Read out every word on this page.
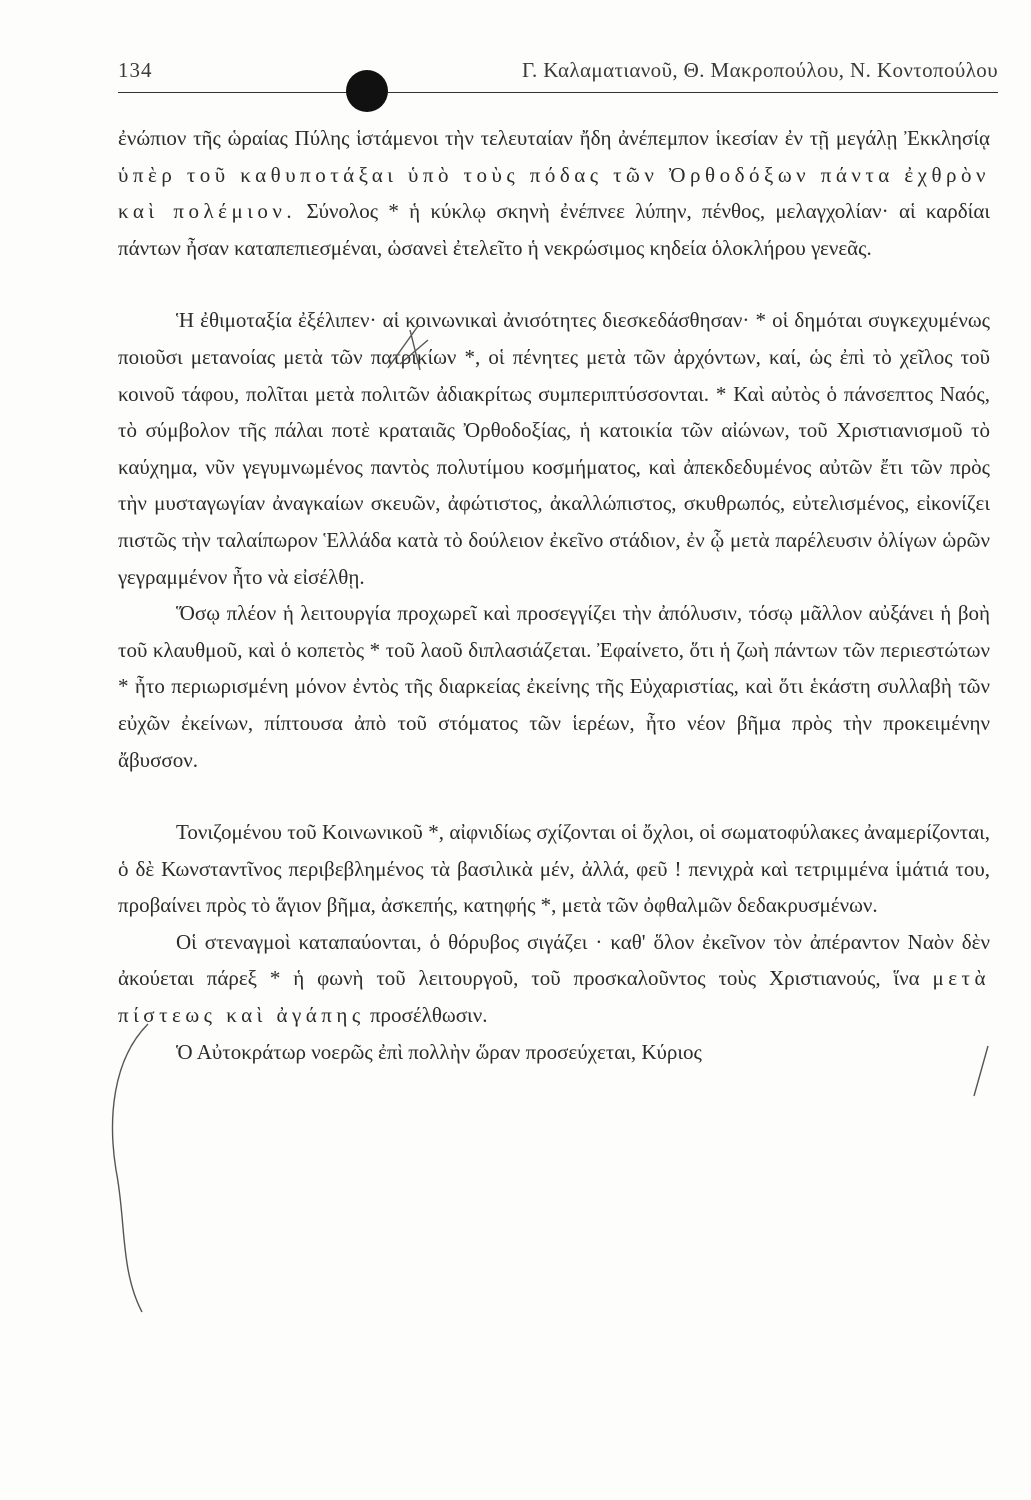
134	Γ. Καλαματιανοῦ, Θ. Μακροπούλου, Ν. Κοντοπούλου

ἐνώπιον τῆς ὡραίας Πύλης ἱστάμενοι τὴν τελευταίαν ἤδη ἀνέπεμπον ἱκεσίαν ἐν τῇ μεγάλῃ Ἐκκλησίᾳ ὑπὲρ τοῦ καθυποτάξαι ὑπὸ τοὺς πόδας τῶν Ὀρθοδόξων πάντα ἐχθρὸν καὶ πολέμιον. Σύνολος * ἡ κύκλῳ σκηνὴ ἐνέπνεε λύπην, πένθος, μελαγχολίαν· αἱ καρδίαι πάντων ἦσαν καταπεπιεσμέναι, ὡσανεὶ ἐτελεῖτο ἡ νεκρώσιμος κηδεία ὁλοκλήρου γενεᾶς.

Ἡ ἐθιμοταξία ἐξέλιπεν· αἱ κοινωνικαὶ ἀνισότητες διεσκεδάσθησαν· * οἱ δημόται συγκεχυμένως ποιοῦσι μετανοίας μετὰ τῶν πατρικίων *, οἱ πένητες μετὰ τῶν ἀρχόντων, καί, ὡς ἐπὶ τὸ χεῖλος τοῦ κοινοῦ τάφου, πολῖται μετὰ πολιτῶν ἀδιακρίτως συμπεριπτύσσονται. * Καὶ αὐτὸς ὁ πάνσεπτος Ναός, τὸ σύμβολον τῆς πάλαι ποτὲ κραταιᾶς Ὀρθοδοξίας, ἡ κατοικία τῶν αἰώνων, τοῦ Χριστιανισμοῦ τὸ καύχημα, νῦν γεγυμνωμένος παντὸς πολυτίμου κοσμήματος, καὶ ἀπεκδεδυμένος αὐτῶν ἔτι τῶν πρὸς τὴν μυσταγωγίαν ἀναγκαίων σκευῶν, ἀφώτιστος, ἀκαλλώπιστος, σκυθρωπός, εὐτελισμένος, εἰκονίζει πιστῶς τὴν ταλαίπωρον Ἑλλάδα κατὰ τὸ δούλειον ἐκεῖνο στάδιον, ἐν ᾧ μετὰ παρέλευσιν ὀλίγων ὡρῶν γεγραμμένον ἦτο νὰ εἰσέλθῃ.

Ὅσῳ πλέον ἡ λειτουργία προχωρεῖ καὶ προσεγγίζει τὴν ἀπόλυσιν, τόσῳ μᾶλλον αὐξάνει ἡ βοὴ τοῦ κλαυθμοῦ, καὶ ὁ κοπετὸς * τοῦ λαοῦ διπλασιάζεται. Ἐφαίνετο, ὅτι ἡ ζωὴ πάντων τῶν περιεστώτων * ἦτο περιωρισμένη μόνον ἐντὸς τῆς διαρκείας ἐκείνης τῆς Εὐχαριστίας, καὶ ὅτι ἑκάστη συλλαβὴ τῶν εὐχῶν ἐκείνων, πίπτουσα ἀπὸ τοῦ στόματος τῶν ἱερέων, ἦτο νέον βῆμα πρὸς τὴν προκειμένην ἄβυσσον.

Τονιζομένου τοῦ Κοινωνικοῦ *, αἰφνιδίως σχίζονται οἱ ὄχλοι, οἱ σωματοφύλακες ἀναμερίζονται, ὁ δὲ Κωνσταντῖνος περιβεβλημένος τὰ βασιλικὰ μέν, ἀλλά, φεῦ ! πενιχρὰ καὶ τετριμμένα ἱμάτιά του, προβαίνει πρὸς τὸ ἅγιον βῆμα, ἀσκεπής, κατηφής *, μετὰ τῶν ὀφθαλμῶν δεδακρυσμένων.

Οἱ στεναγμοὶ καταπαύονται, ὁ θόρυβος σιγάζει · καθ' ὅλον ἐκεῖνον τὸν ἀπέραντον Ναὸν δὲν ἀκούεται πάρεξ * ἡ φωνὴ τοῦ λειτουργοῦ, τοῦ προσκαλοῦντος τοὺς Χριστιανούς, ἵνα μετὰ πίστεως καὶ ἀγάπης προσέλθωσιν.

Ὁ Αὐτοκράτωρ νοερῶς ἐπὶ πολλὴν ὥραν προσεύχεται, Κύριος
